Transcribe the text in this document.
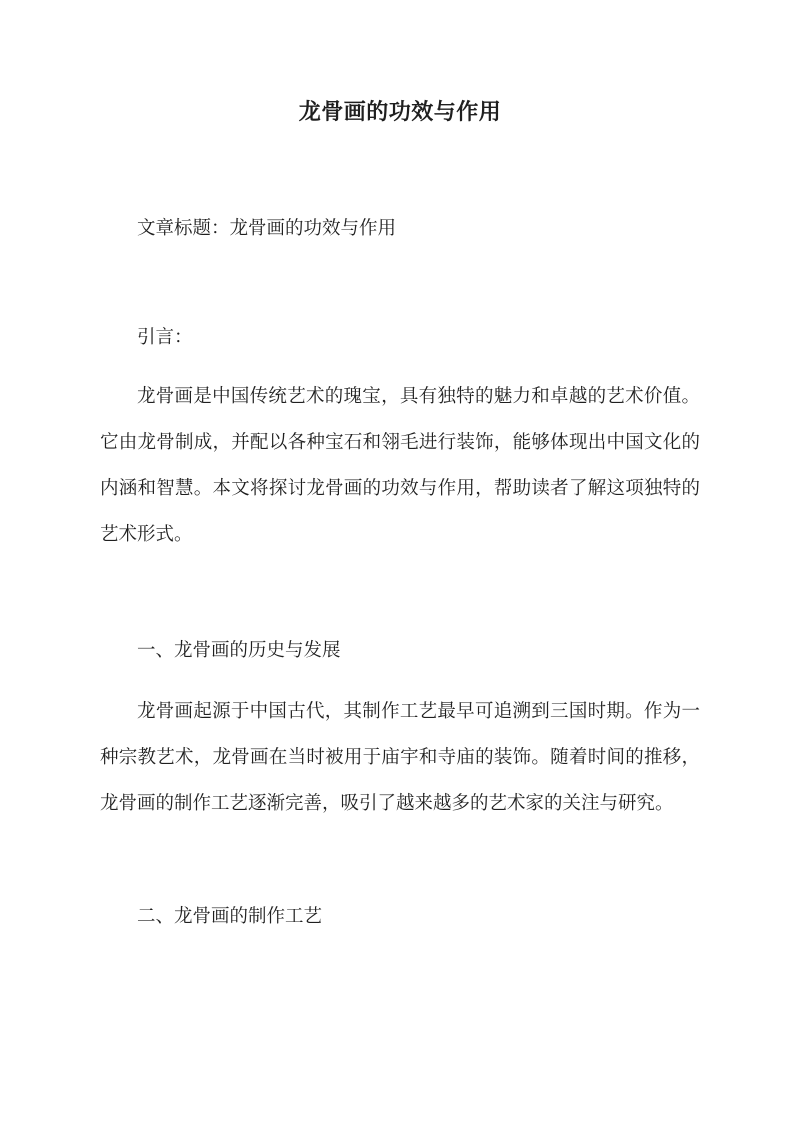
龙骨画的功效与作用

文章标题：龙骨画的功效与作用

引言：

龙骨画是中国传统艺术的瑰宝，具有独特的魅力和卓越的艺术价值。它由龙骨制成，并配以各种宝石和翎毛进行装饰，能够体现出中国文化的内涵和智慧。本文将探讨龙骨画的功效与作用，帮助读者了解这项独特的艺术形式。

一、龙骨画的历史与发展

龙骨画起源于中国古代，其制作工艺最早可追溯到三国时期。作为一种宗教艺术，龙骨画在当时被用于庙宇和寺庙的装饰。随着时间的推移，龙骨画的制作工艺逐渐完善，吸引了越来越多的艺术家的关注与研究。

二、龙骨画的制作工艺
